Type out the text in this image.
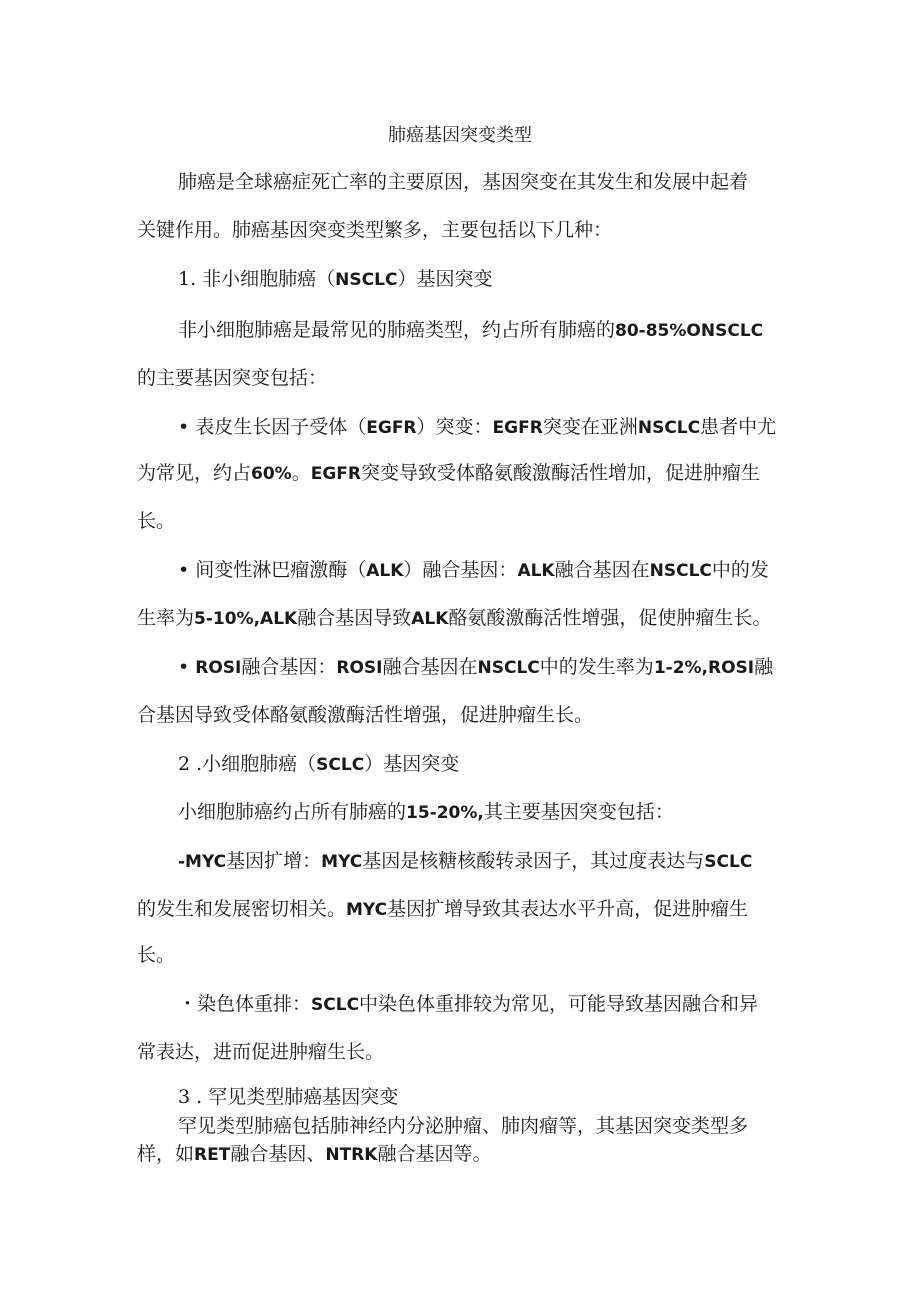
肺癌基因突变类型
肺癌是全球癌症死亡率的主要原因，基因突变在其发生和发展中起着
关键作用。肺癌基因突变类型繁多，主要包括以下几种：
1. 非小细胞肺癌（NSCLC）基因突变
非小细胞肺癌是最常见的肺癌类型，约占所有肺癌的80-85%ONSCLC
的主要基因突变包括：
• 表皮生长因子受体（EGFR）突变：EGFR突变在亚洲NSCLC患者中尤
为常见，约占60%。EGFR突变导致受体酪氨酸激酶活性增加，促进肿瘤生
长。
• 间变性淋巴瘤激酶（ALK）融合基因：ALK融合基因在NSCLC中的发
生率为5-10%,ALK融合基因导致ALK酪氨酸激酶活性增强，促使肿瘤生长。
• ROSI融合基因：ROSI融合基因在NSCLC中的发生率为1-2%,ROSI融
合基因导致受体酪氨酸激酶活性增强，促进肿瘤生长。
2 .小细胞肺癌（SCLC）基因突变
小细胞肺癌约占所有肺癌的15-20%,其主要基因突变包括：
-MYC基因扩增：MYC基因是核糖核酸转录因子，其过度表达与SCLC
的发生和发展密切相关。MYC基因扩增导致其表达水平升高，促进肿瘤生
长。
・染色体重排：SCLC中染色体重排较为常见，可能导致基因融合和异
常表达，进而促进肿瘤生长。
3 . 罕见类型肺癌基因突变
罕见类型肺癌包括肺神经内分泌肿瘤、肺肉瘤等，其基因突变类型多
样，如RET融合基因、NTRK融合基因等。
